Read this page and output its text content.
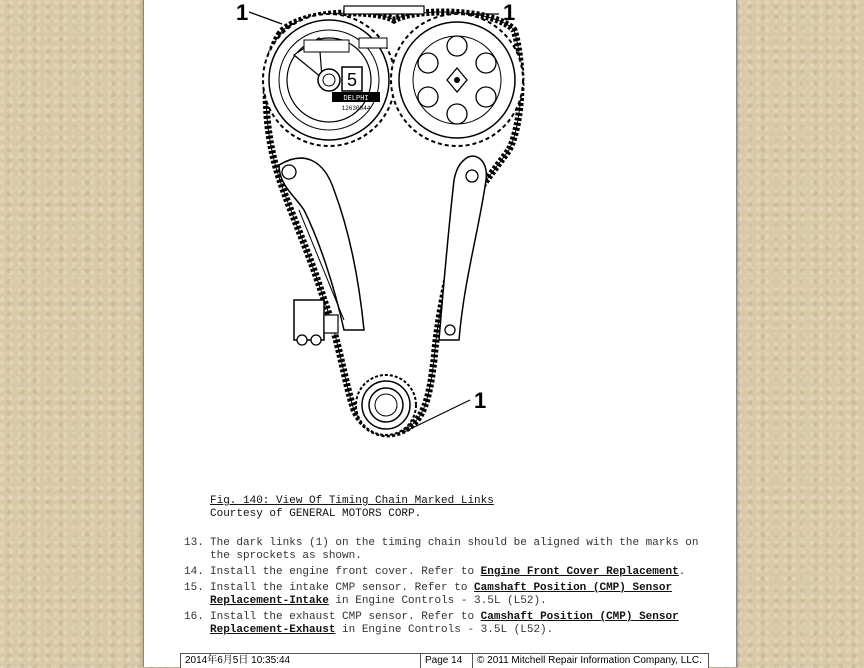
5
DELPHI
12630044
1	1
1
Fig. 140: View Of Timing Chain Marked Links
Courtesy of GENERAL MOTORS CORP.
13. The dark links (1) on the timing chain should be aligned with the marks on the sprockets as shown.
14. Install the engine front cover. Refer to Engine Front Cover Replacement.
15. Install the intake CMP sensor. Refer to Camshaft Position (CMP) Sensor Replacement-Intake in Engine Controls - 3.5L (L52).
16. Install the exhaust CMP sensor. Refer to Camshaft Position (CMP) Sensor Replacement-Exhaust in Engine Controls - 3.5L (L52).
2014年6月5日 10:35:44	Page 14	© 2011 Mitchell Repair Information Company, LLC.
